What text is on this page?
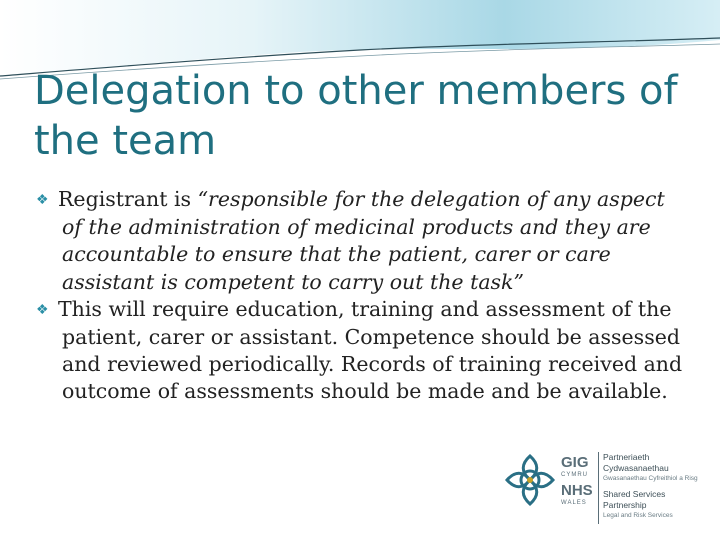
Delegation to other members of the team
❖ Registrant is “responsible for the delegation of any aspect of the administration of medicinal products and they are accountable to ensure that the patient, carer or care assistant is competent to carry out the task”
❖ This will require education, training and assessment of the patient, carer or assistant. Competence should be assessed and reviewed periodically. Records of training received and outcome of assessments should be made and be available.
GIG
CYMRU
NHS
WALES
Partneriaeth
Cydwasanaethau
Gwasanaethau Cyfreithiol a Risg
Shared Services
Partnership
Legal and Risk Services
